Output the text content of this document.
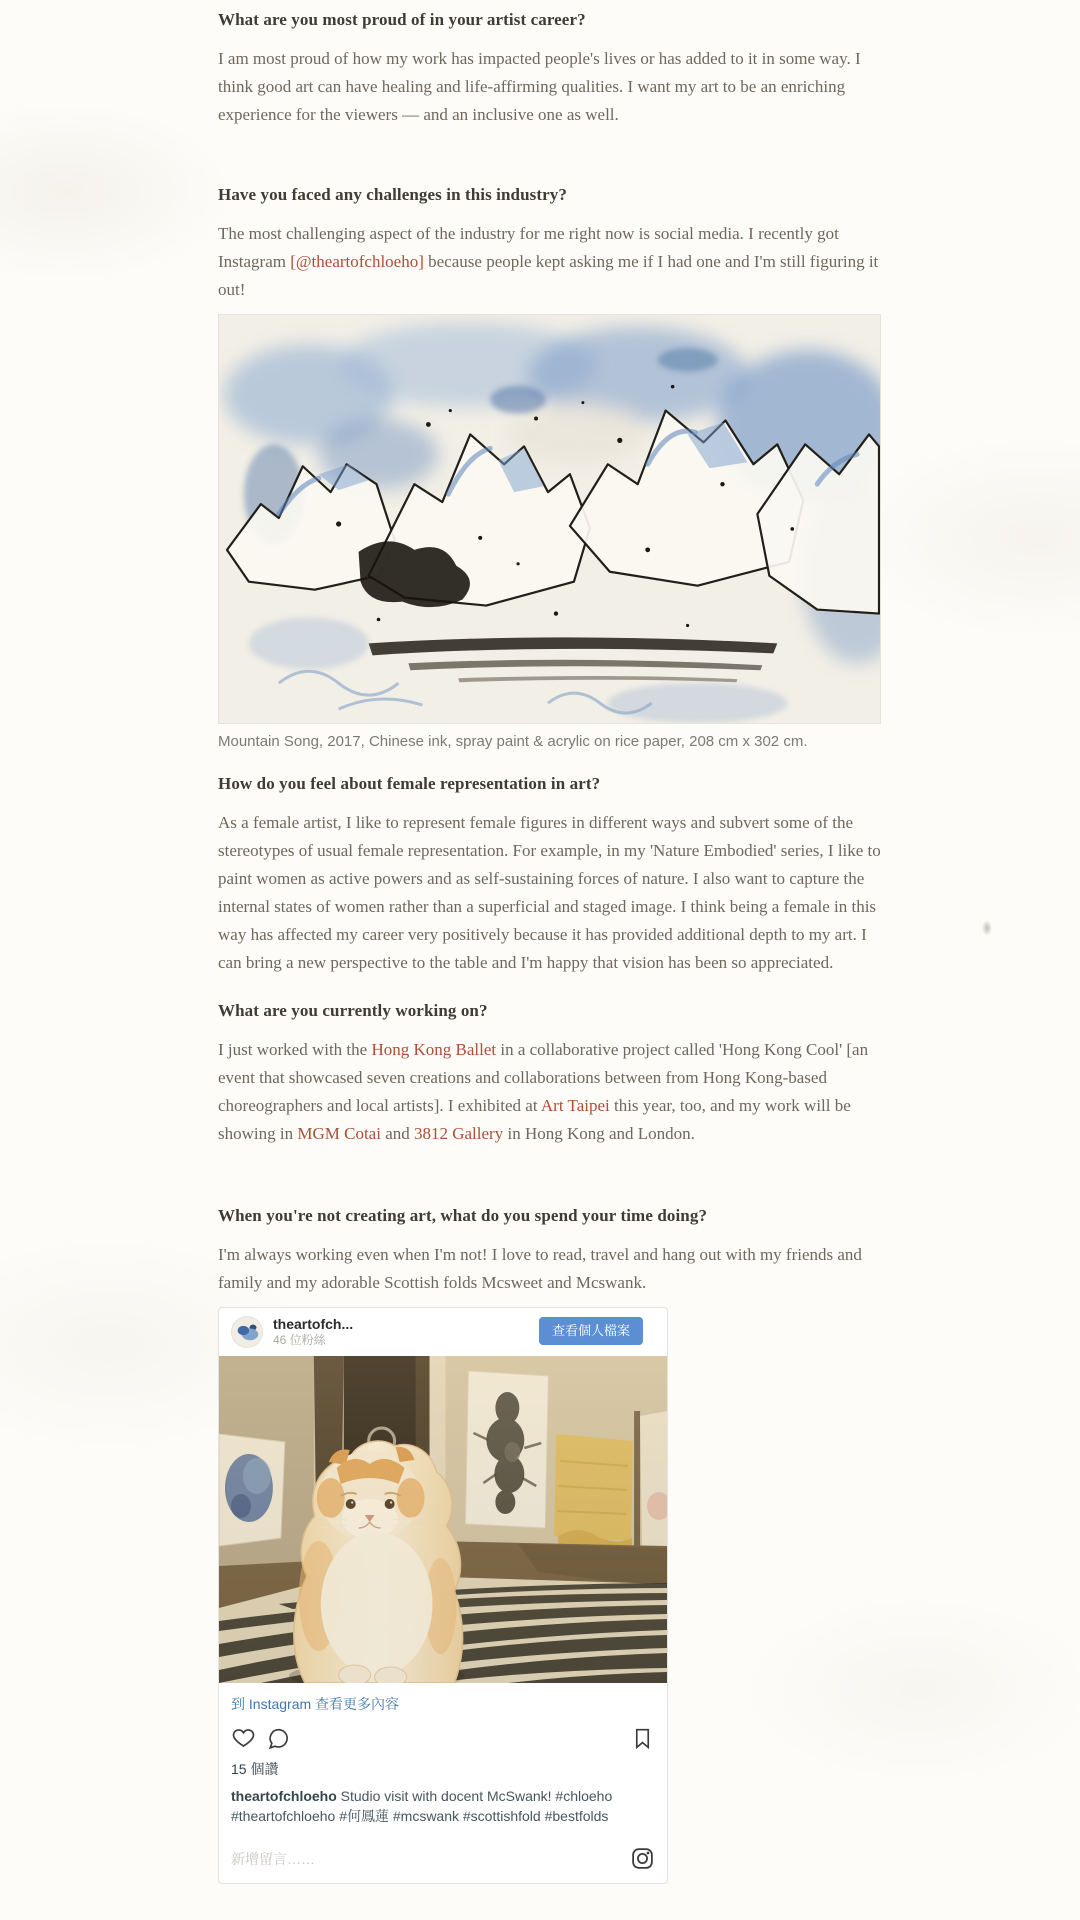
What are you most proud of in your artist career?

I am most proud of how my work has impacted people's lives or has added to it in some way. I think good art can have healing and life-affirming qualities. I want my art to be an enriching experience for the viewers — and an inclusive one as well.

Have you faced any challenges in this industry?

The most challenging aspect of the industry for me right now is social media. I recently got Instagram [@theartofchloeho] because people kept asking me if I had one and I'm still figuring it out!

Mountain Song, 2017, Chinese ink, spray paint & acrylic on rice paper, 208 cm x 302 cm.
How do you feel about female representation in art?

As a female artist, I like to represent female figures in different ways and subvert some of the stereotypes of usual female representation. For example, in my 'Nature Embodied' series, I like to paint women as active powers and as self-sustaining forces of nature. I also want to capture the internal states of women rather than a superficial and staged image. I think being a female in this way has affected my career very positively because it has provided additional depth to my art. I can bring a new perspective to the table and I'm happy that vision has been so appreciated.

What are you currently working on?

I just worked with the Hong Kong Ballet in a collaborative project called 'Hong Kong Cool' [an event that showcased seven creations and collaborations between from Hong Kong-based choreographers and local artists]. I exhibited at Art Taipei this year, too, and my work will be showing in MGM Cotai and 3812 Gallery in Hong Kong and London.

When you're not creating art, what do you spend your time doing?

I'm always working even when I'm not! I love to read, travel and hang out with my friends and family and my adorable Scottish folds Mcsweet and Mcswank.

theartofch...
46 位粉絲
查看個人檔案
到 Instagram 查看更多內容
15 個讚
theartofchloeho Studio visit with docent McSwank! #chloeho #theartofchloeho #何鳳蓮 #mcswank #scottishfold #bestfolds
新增留言……
